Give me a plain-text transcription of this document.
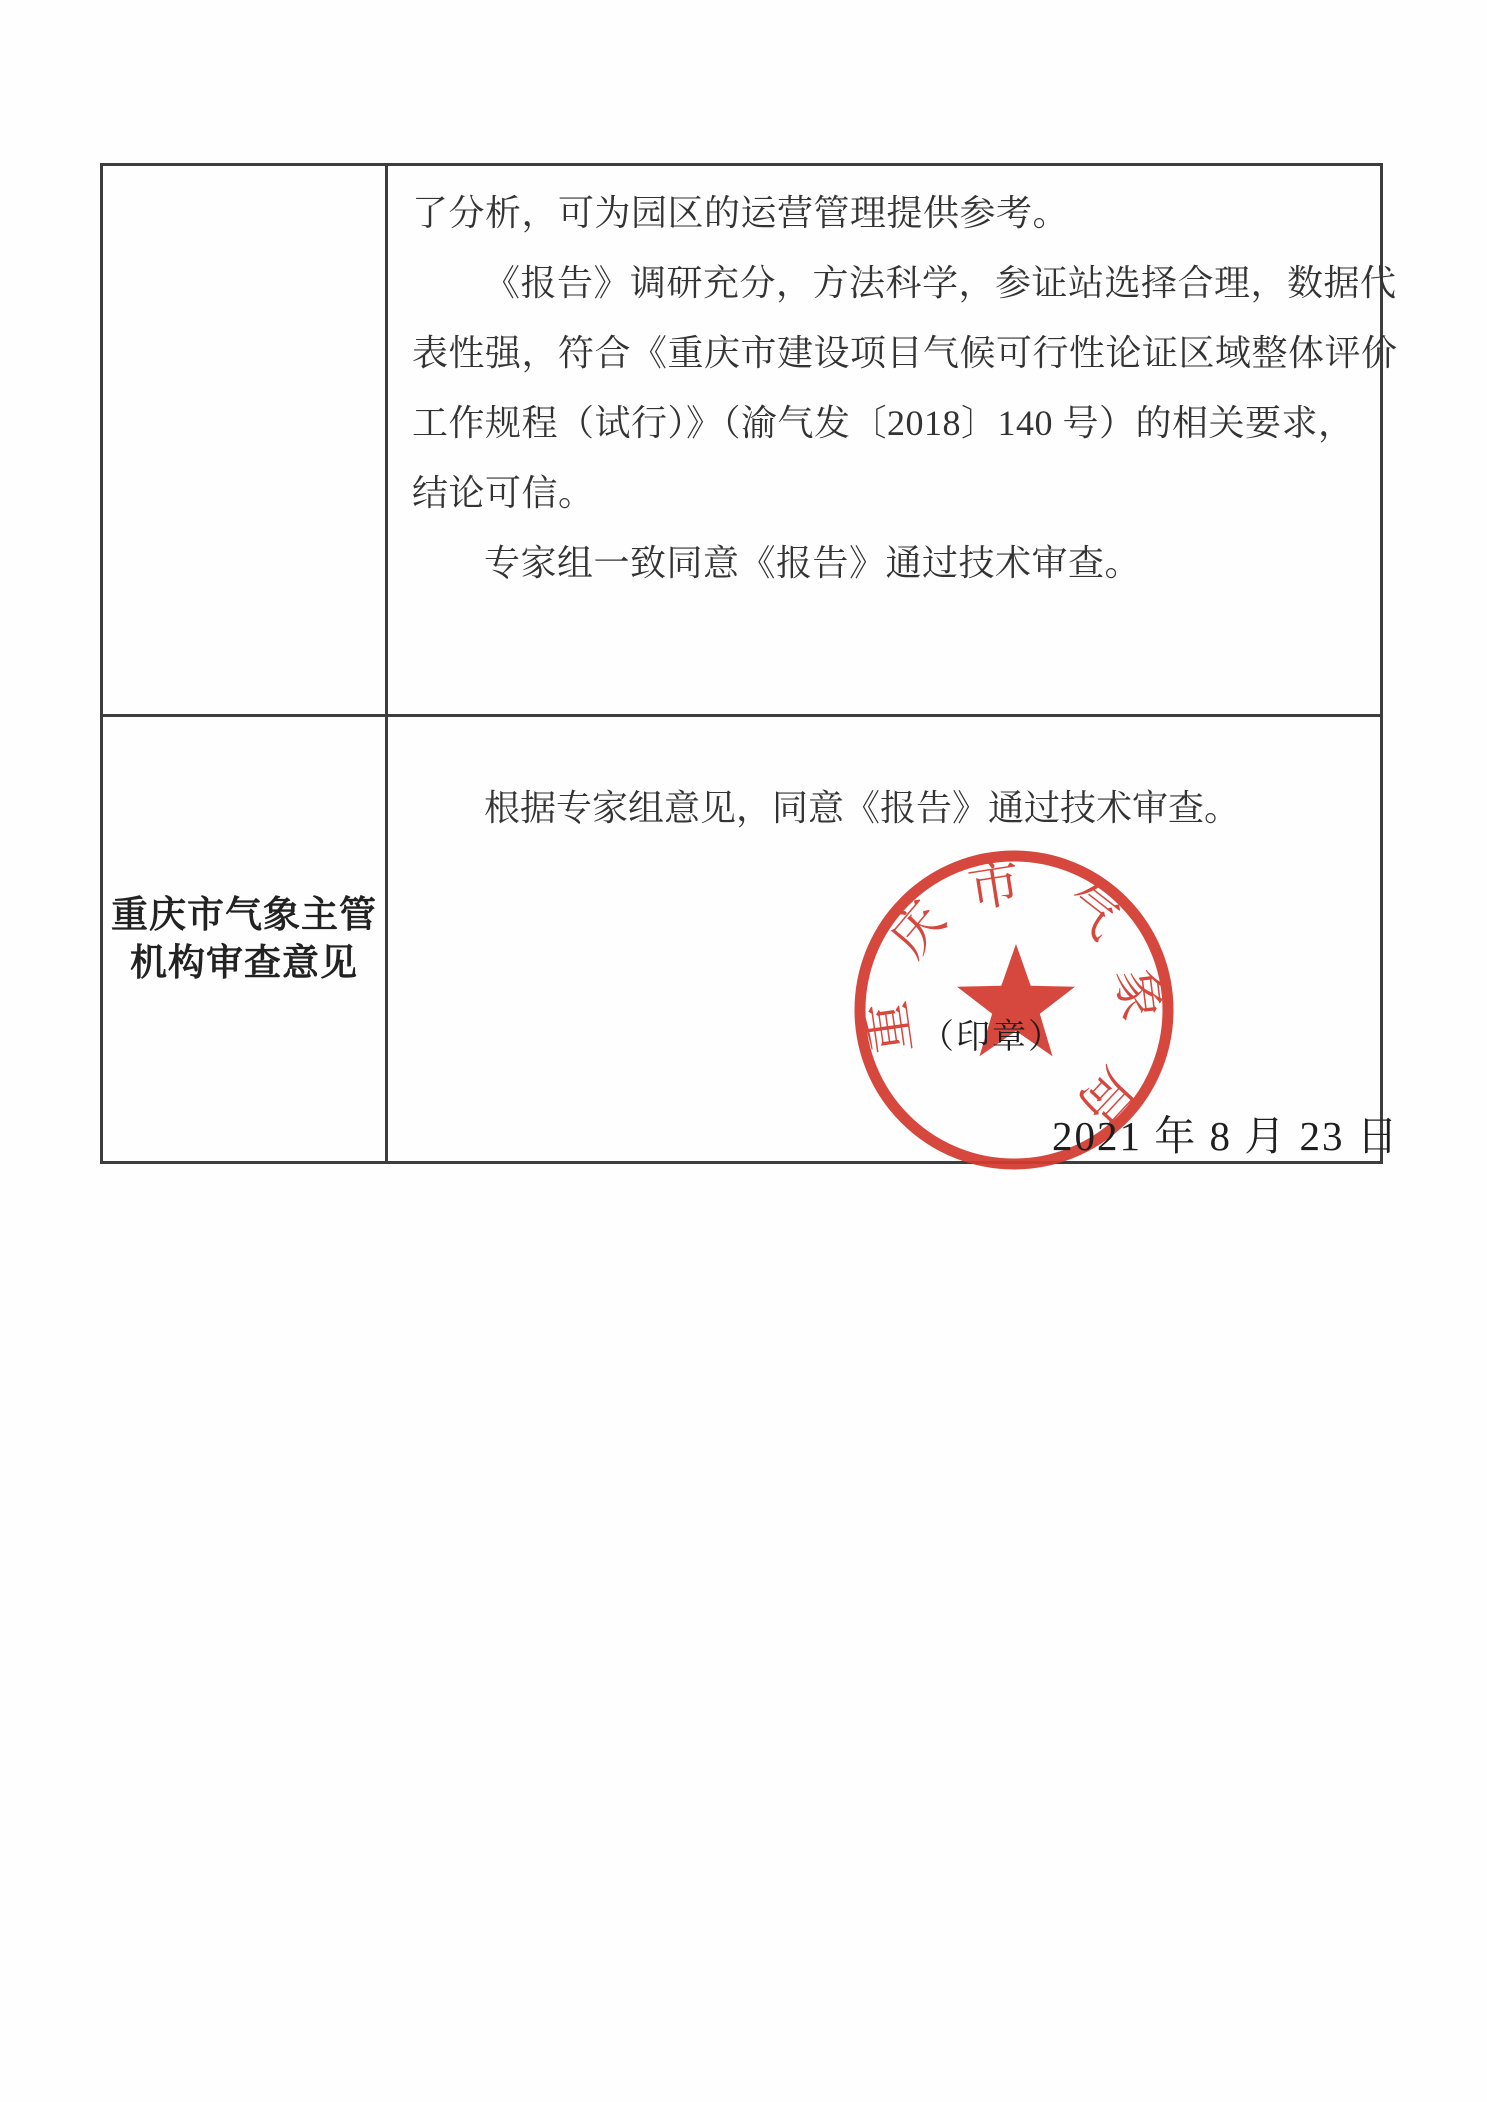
了分析，可为园区的运营管理提供参考。

《报告》调研充分，方法科学，参证站选择合理，数据代

表性强，符合《重庆市建设项目气候可行性论证区域整体评价

工作规程（试行）》（渝气发〔2018〕140 号）的相关要求，

结论可信。

专家组一致同意《报告》通过技术审查。

重庆市气象主管
机构审查意见

根据专家组意见，同意《报告》通过技术审查。

重
庆
市 气
象
局
（印章）
2021 年 8 月 23 日
